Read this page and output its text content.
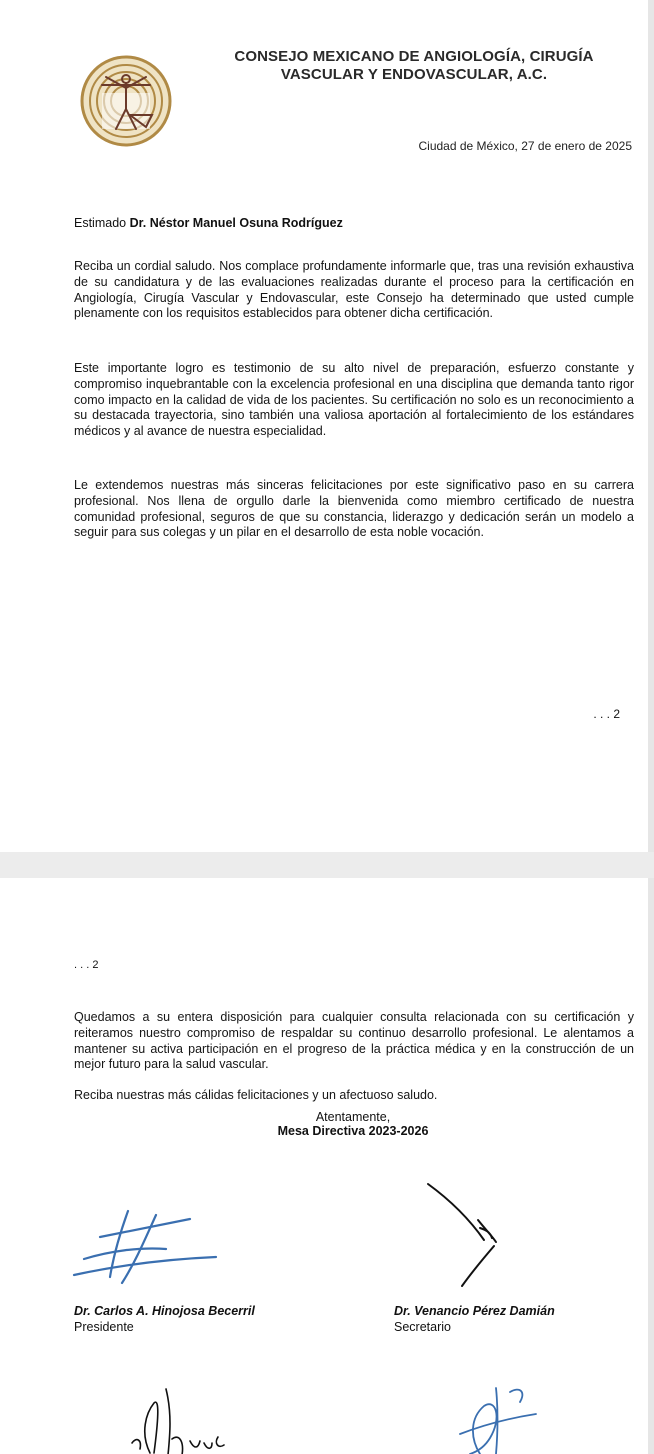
CONSEJO MEXICANO DE ANGIOLOGÍA, CIRUGÍA
VASCULAR Y ENDOVASCULAR, A.C.
Ciudad de México, 27 de enero de 2025
Estimado Dr. Néstor Manuel Osuna Rodríguez
Reciba un cordial saludo. Nos complace profundamente informarle que, tras una revisión exhaustiva de su candidatura y de las evaluaciones realizadas durante el proceso para la certificación en Angiología, Cirugía Vascular y Endovascular, este Consejo ha determinado que usted cumple plenamente con los requisitos establecidos para obtener dicha certificación.
Este importante logro es testimonio de su alto nivel de preparación, esfuerzo constante y compromiso inquebrantable con la excelencia profesional en una disciplina que demanda tanto rigor como impacto en la calidad de vida de los pacientes. Su certificación no solo es un reconocimiento a su destacada trayectoria, sino también una valiosa aportación al fortalecimiento de los estándares médicos y al avance de nuestra especialidad.
Le extendemos nuestras más sinceras felicitaciones por este significativo paso en su carrera profesional. Nos llena de orgullo darle la bienvenida como miembro certificado de nuestra comunidad profesional, seguros de que su constancia, liderazgo y dedicación serán un modelo a seguir para sus colegas y un pilar en el desarrollo de esta noble vocación.
. . . 2
. . . 2
Quedamos a su entera disposición para cualquier consulta relacionada con su certificación y reiteramos nuestro compromiso de respaldar su continuo desarrollo profesional. Le alentamos a mantener su activa participación en el progreso de la práctica médica y en la construcción de un mejor futuro para la salud vascular.
Reciba nuestras más cálidas felicitaciones y un afectuoso saludo.
Atentamente,
Mesa Directiva 2023-2026
Dr. Carlos A. Hinojosa Becerril
Presidente
Dr. Venancio Pérez Damián
Secretario
